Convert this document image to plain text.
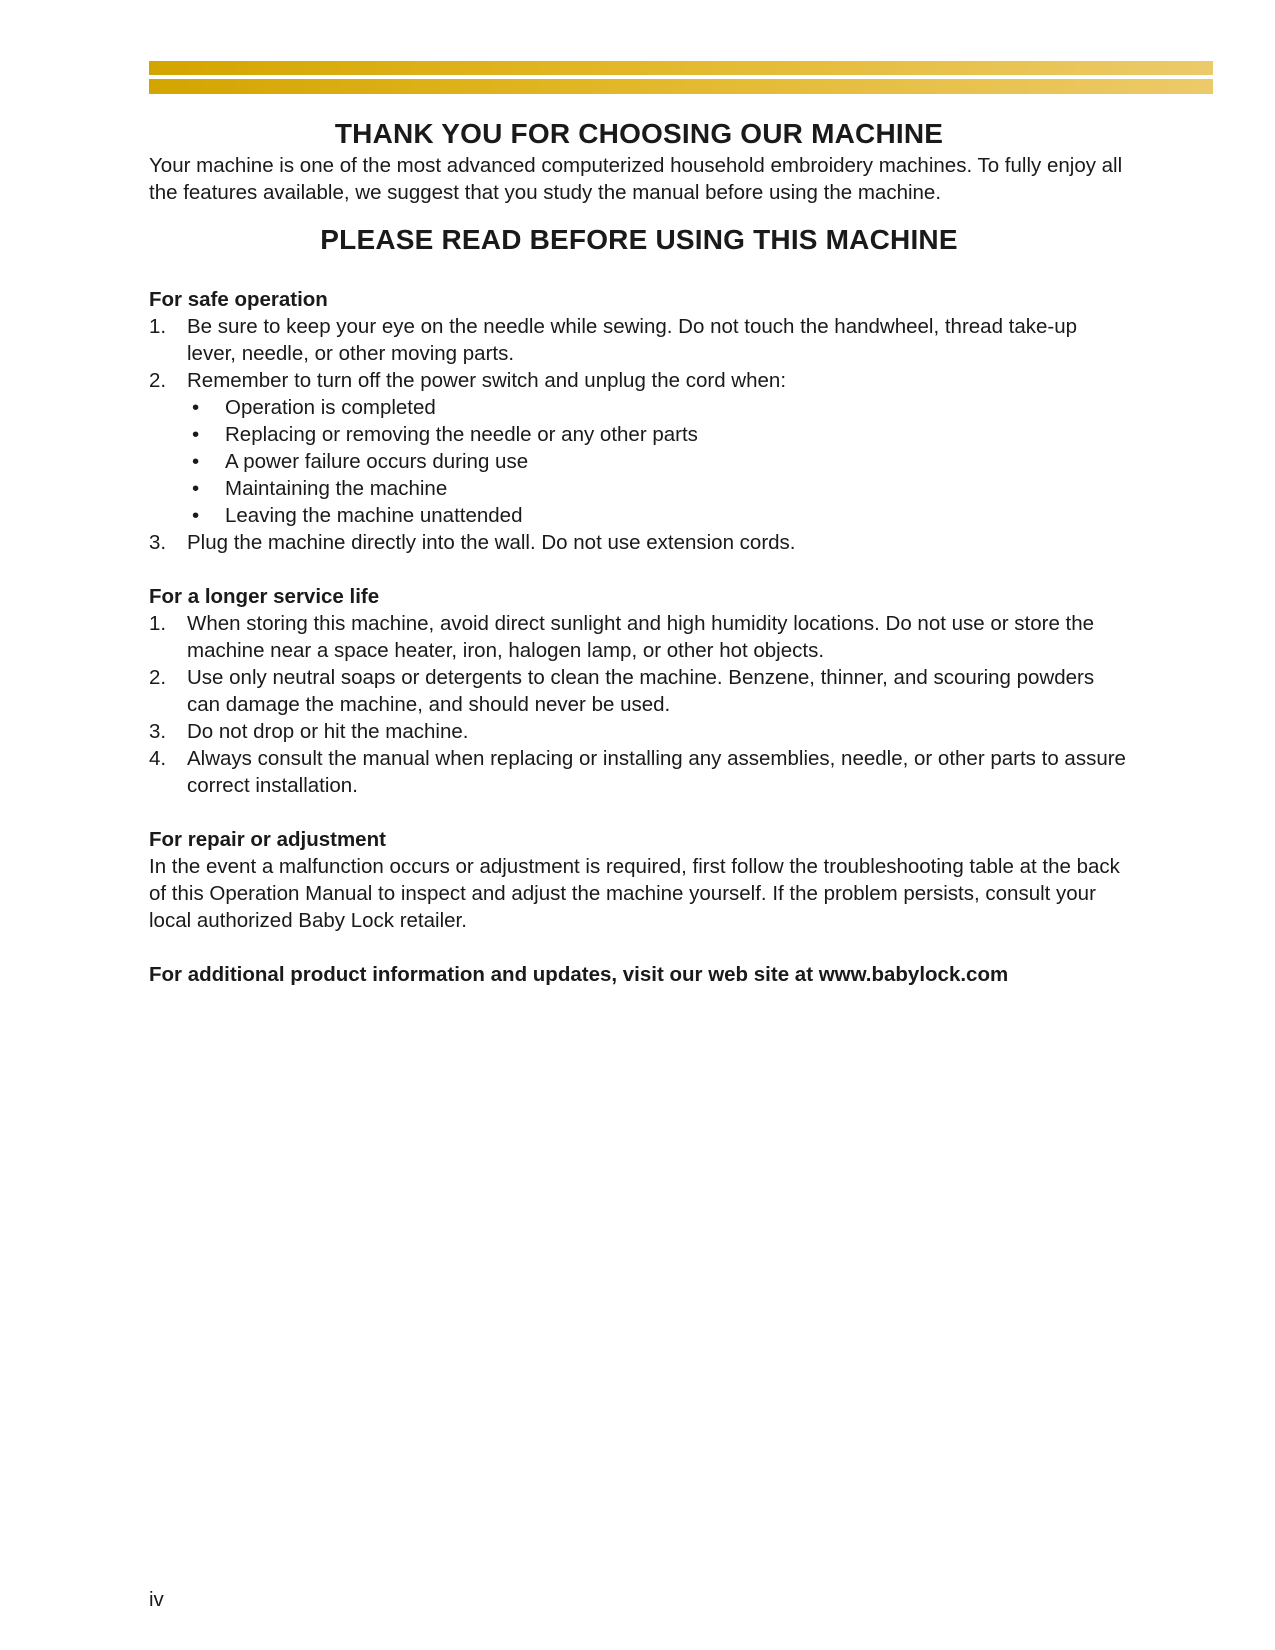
THANK YOU FOR CHOOSING OUR MACHINE

Your machine is one of the most advanced computerized household embroidery machines. To fully enjoy all the features available, we suggest that you study the manual before using the machine.

PLEASE READ BEFORE USING THIS MACHINE

For safe operation

1. Be sure to keep your eye on the needle while sewing. Do not touch the handwheel, thread take-up lever, needle, or other moving parts.
2. Remember to turn off the power switch and unplug the cord when:
• Operation is completed
• Replacing or removing the needle or any other parts
• A power failure occurs during use
• Maintaining the machine
• Leaving the machine unattended
3. Plug the machine directly into the wall. Do not use extension cords.

For a longer service life

1. When storing this machine, avoid direct sunlight and high humidity locations. Do not use or store the machine near a space heater, iron, halogen lamp, or other hot objects.
2. Use only neutral soaps or detergents to clean the machine. Benzene, thinner, and scouring powders can damage the machine, and should never be used.
3. Do not drop or hit the machine.
4. Always consult the manual when replacing or installing any assemblies, needle, or other parts to assure correct installation.

For repair or adjustment

In the event a malfunction occurs or adjustment is required, first follow the troubleshooting table at the back of this Operation Manual to inspect and adjust the machine yourself. If the problem persists, consult your local authorized Baby Lock retailer.

For additional product information and updates, visit our web site at www.babylock.com

iv
